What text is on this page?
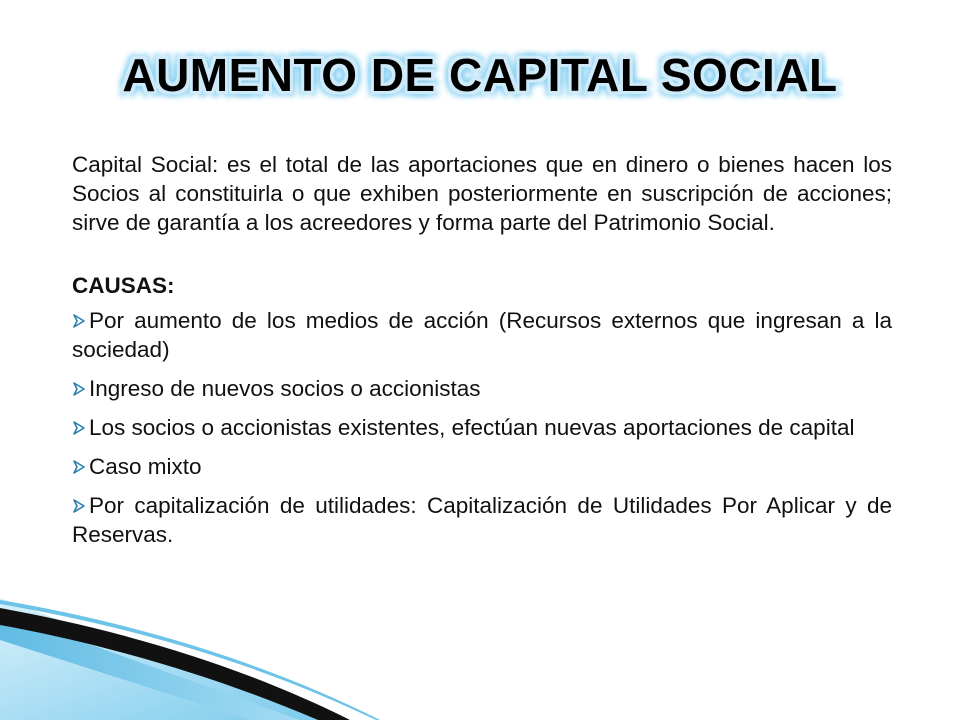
AUMENTO DE CAPITAL SOCIAL

Capital Social: es el total de las aportaciones que en dinero o bienes hacen los Socios al constituirla o que exhiben posteriormente en suscripción de acciones; sirve de garantía a los acreedores y forma parte del Patrimonio Social.

CAUSAS:
Por aumento de los medios de acción (Recursos externos que ingresan a la sociedad)
Ingreso de nuevos socios o accionistas
Los socios o accionistas existentes, efectúan nuevas aportaciones de capital
Caso mixto
Por capitalización de utilidades: Capitalización de Utilidades Por Aplicar y de Reservas.
